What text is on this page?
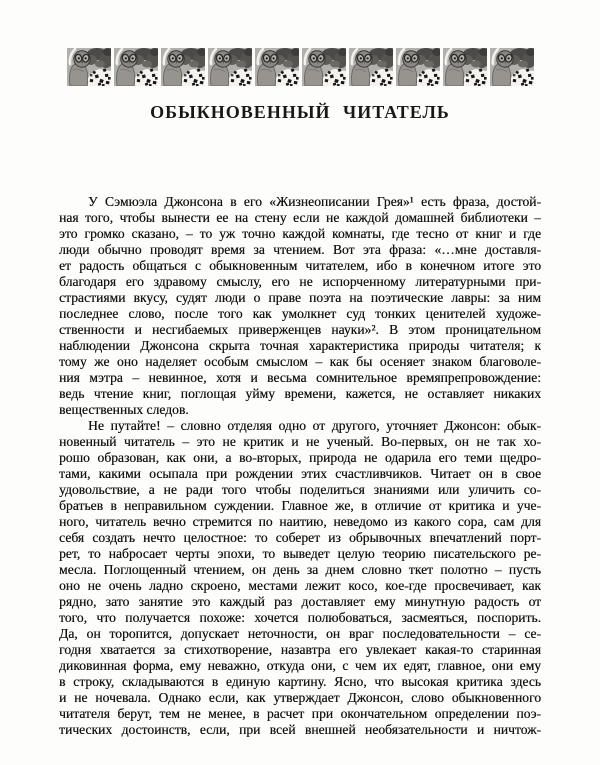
ОБЫКНОВЕННЫЙ ЧИТАТЕЛЬ
У Сэмюэла Джонсона в его «Жизнеописании Грея»¹ есть фраза, достой-
ная того, чтобы вынести ее на стену если не каждой домашней библиотеки –
это громко сказано, – то уж точно каждой комнаты, где тесно от книг и где
люди обычно проводят время за чтением. Вот эта фраза: «…мне доставля-
ет радость общаться с обыкновенным читателем, ибо в конечном итоге это
благодаря его здравому смыслу, его не испорченному литературными при-
страстиями вкусу, судят люди о праве поэта на поэтические лавры: за ним
последнее слово, после того как умолкнет суд тонких ценителей художе-
ственности и несгибаемых приверженцев науки»². В этом проницательном
наблюдении Джонсона скрыта точная характеристика природы читателя; к
тому же оно наделяет особым смыслом – как бы осеняет знаком благоволе-
ния мэтра – невинное, хотя и весьма сомнительное времяпрепровождение:
ведь чтение книг, поглощая уйму времени, кажется, не оставляет никаких
вещественных следов.
Не путайте! – словно отделяя одно от другого, уточняет Джонсон: обык-
новенный читатель – это не критик и не ученый. Во-первых, он не так хо-
рошо образован, как они, а во-вторых, природа не одарила его теми щедро-
тами, какими осыпала при рождении этих счастливчиков. Читает он в свое
удовольствие, а не ради того чтобы поделиться знаниями или уличить со-
братьев в неправильном суждении. Главное же, в отличие от критика и уче-
ного, читатель вечно стремится по наитию, неведомо из какого сора, сам для
себя создать нечто целостное: то соберет из обрывочных впечатлений порт-
рет, то набросает черты эпохи, то выведет целую теорию писательского ре-
месла. Поглощенный чтением, он день за днем словно ткет полотно – пусть
оно не очень ладно скроено, местами лежит косо, кое-где просвечивает, как
рядно, зато занятие это каждый раз доставляет ему минутную радость от
того, что получается похоже: хочется полюбоваться, засмеяться, поспорить.
Да, он торопится, допускает неточности, он враг последовательности – се-
годня хватается за стихотворение, назавтра его увлекает какая-то старинная
диковинная форма, ему неважно, откуда они, с чем их едят, главное, они ему
в строку, складываются в единую картину. Ясно, что высокая критика здесь
и не ночевала. Однако если, как утверждает Джонсон, слово обыкновенного
читателя берут, тем не менее, в расчет при окончательном определении поэ-
тических достоинств, если, при всей внешней необязательности и ничтож-
